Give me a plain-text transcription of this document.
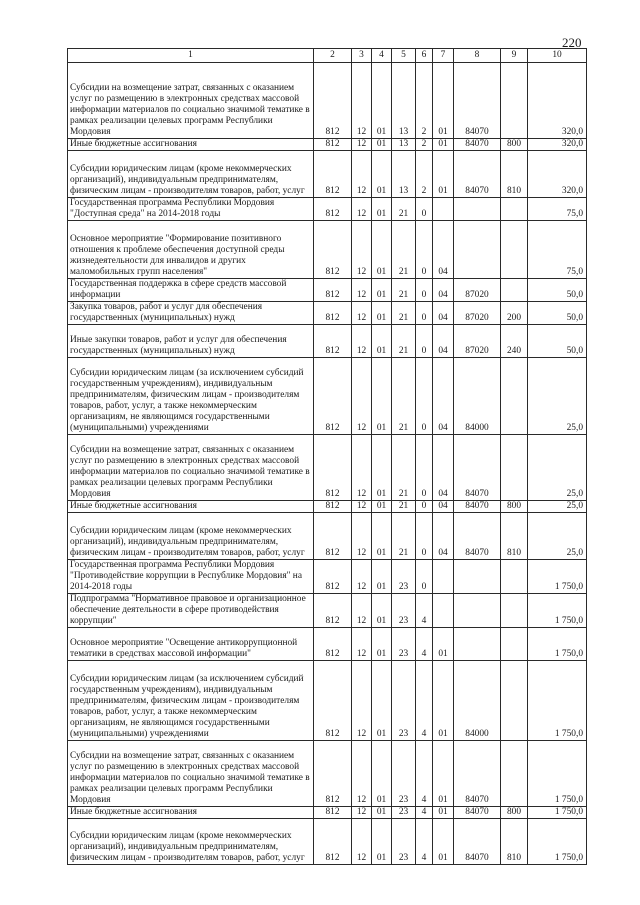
220
1	2	3	4	5	6	7	8	9	10
Субсидии на возмещение затрат, связанных с оказанием услуг по размещению в электронных средствах массовой информации материалов по социально значимой тематике в рамках реализации целевых программ Республики Мордовия	812	12	01	13	2	01	84070		320,0
Иные бюджетные ассигнования	812	12	01	13	2	01	84070	800	320,0
Субсидии юридическим лицам (кроме некоммерческих организаций), индивидуальным предпринимателям, физическим лицам - производителям товаров, работ, услуг	812	12	01	13	2	01	84070	810	320,0
Государственная программа Республики Мордовия "Доступная среда" на 2014-2018 годы	812	12	01	21	0				75,0
Основное мероприятие "Формирование позитивного отношения к проблеме обеспечения доступной среды жизнедеятельности для инвалидов и других маломобильных групп населения"	812	12	01	21	0	04			75,0
Государственная поддержка в сфере средств массовой информации	812	12	01	21	0	04	87020		50,0
Закупка товаров, работ и услуг для обеспечения государственных (муниципальных) нужд	812	12	01	21	0	04	87020	200	50,0
Иные закупки товаров, работ и услуг для обеспечения государственных (муниципальных) нужд	812	12	01	21	0	04	87020	240	50,0
Субсидии юридическим лицам (за исключением субсидий государственным учреждениям), индивидуальным предпринимателям, физическим лицам - производителям товаров, работ, услуг, а также некоммерческим организациям, не являющимся государственными (муниципальными) учреждениями	812	12	01	21	0	04	84000		25,0
Субсидии на возмещение затрат, связанных с оказанием услуг по размещению в электронных средствах массовой информации материалов по социально значимой тематике в рамках реализации целевых программ Республики Мордовия	812	12	01	21	0	04	84070		25,0
Иные бюджетные ассигнования	812	12	01	21	0	04	84070	800	25,0
Субсидии юридическим лицам (кроме некоммерческих организаций), индивидуальным предпринимателям, физическим лицам - производителям товаров, работ, услуг	812	12	01	21	0	04	84070	810	25,0
Государственная программа Республики Мордовия "Противодействие коррупции в Республике Мордовия" на 2014-2018 годы	812	12	01	23	0				1 750,0
Подпрограмма "Нормативное правовое и организационное обеспечение деятельности в сфере противодействия коррупции"	812	12	01	23	4				1 750,0
Основное мероприятие "Освещение антикоррупционной тематики в средствах массовой информации"	812	12	01	23	4	01			1 750,0
Субсидии юридическим лицам (за исключением субсидий государственным учреждениям), индивидуальным предпринимателям, физическим лицам - производителям товаров, работ, услуг, а также некоммерческим организациям, не являющимся государственными (муниципальными) учреждениями	812	12	01	23	4	01	84000		1 750,0
Субсидии на возмещение затрат, связанных с оказанием услуг по размещению в электронных средствах массовой информации материалов по социально значимой тематике в рамках реализации целевых программ Республики Мордовия	812	12	01	23	4	01	84070		1 750,0
Иные бюджетные ассигнования	812	12	01	23	4	01	84070	800	1 750,0
Субсидии юридическим лицам (кроме некоммерческих организаций), индивидуальным предпринимателям, физическим лицам - производителям товаров, работ, услуг	812	12	01	23	4	01	84070	810	1 750,0
